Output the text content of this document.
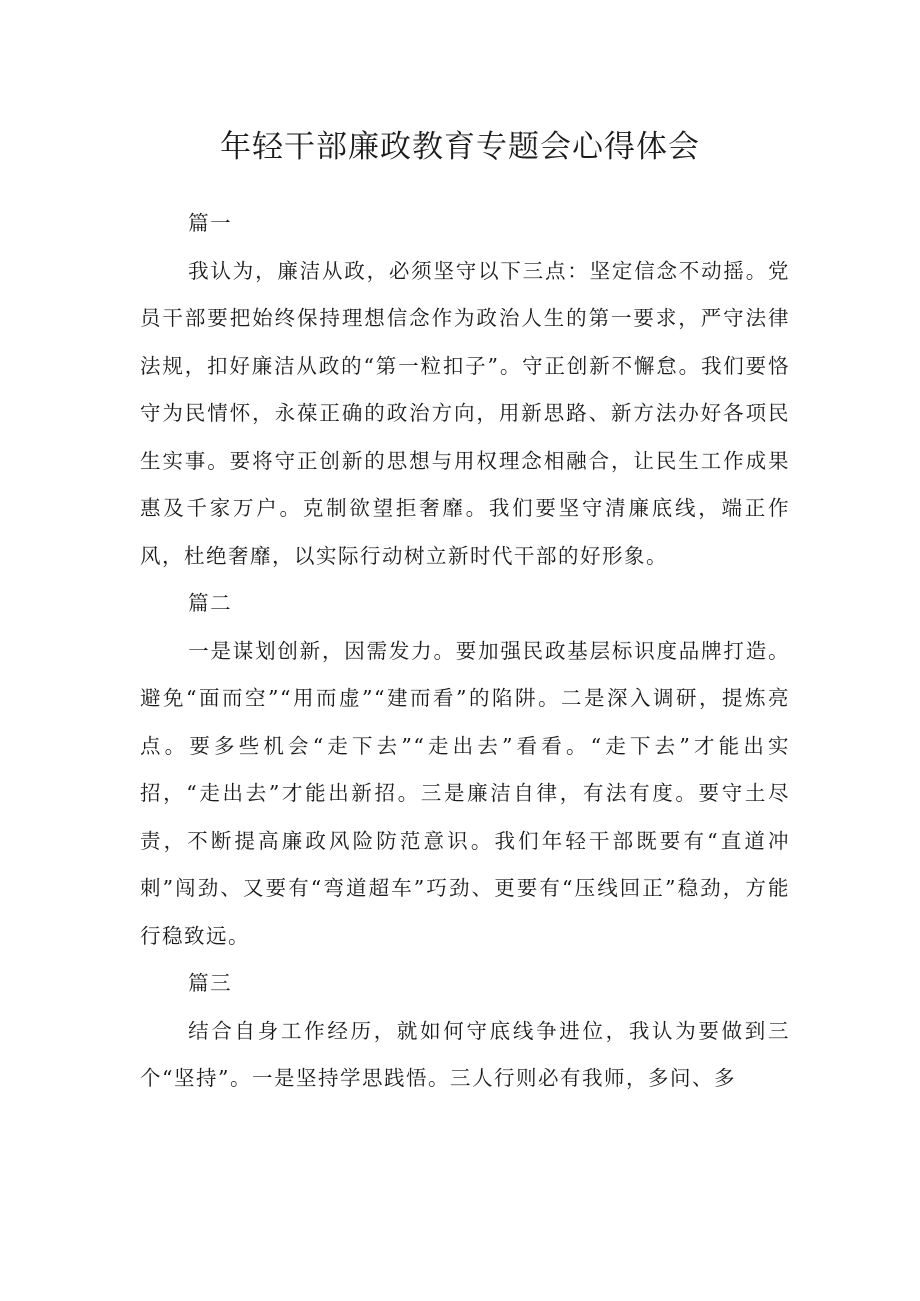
年轻干部廉政教育专题会心得体会

篇一

我认为，廉洁从政，必须坚守以下三点：坚定信念不动摇。党员干部要把始终保持理想信念作为政治人生的第一要求，严守法律法规，扣好廉洁从政的“第一粒扣子”。守正创新不懈怠。我们要恪守为民情怀，永葆正确的政治方向，用新思路、新方法办好各项民生实事。要将守正创新的思想与用权理念相融合，让民生工作成果惠及千家万户。克制欲望拒奢靡。我们要坚守清廉底线，端正作风，杜绝奢靡，以实际行动树立新时代干部的好形象。

篇二

一是谋划创新，因需发力。要加强民政基层标识度品牌打造。避免“面而空”“用而虚”“建而看”的陷阱。二是深入调研，提炼亮点。要多些机会“走下去”“走出去”看看。“走下去”才能出实招，“走出去”才能出新招。三是廉洁自律，有法有度。要守土尽责，不断提高廉政风险防范意识。我们年轻干部既要有“直道冲刺”闯劲、又要有“弯道超车”巧劲、更要有“压线回正”稳劲，方能行稳致远。

篇三

结合自身工作经历，就如何守底线争进位，我认为要做到三个“坚持”。一是坚持学思践悟。三人行则必有我师，多问、多
